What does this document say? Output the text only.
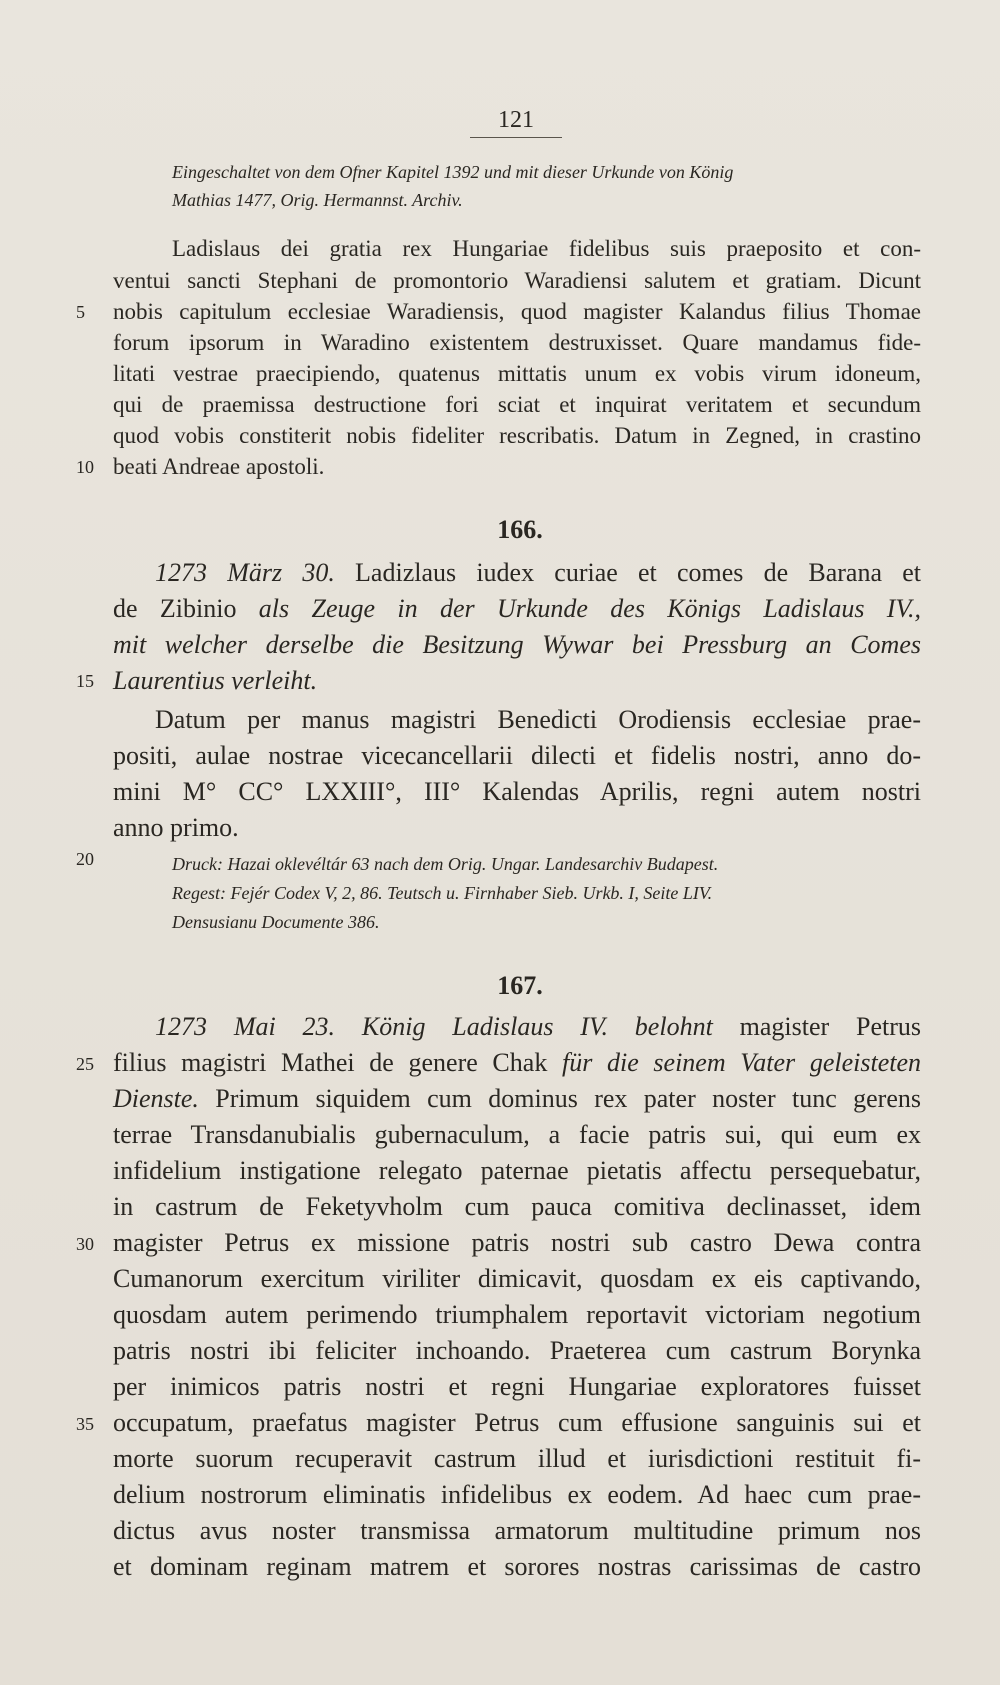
121
Eingeschaltet von dem Ofner Kapitel 1392 und mit dieser Urkunde von König
Mathias 1477, Orig. Hermannst. Archiv.
Ladislaus dei gratia rex Hungariae fidelibus suis praeposito et con-
ventui sancti Stephani de promontorio Waradiensi salutem et gratiam. Dicunt
nobis capitulum ecclesiae Waradiensis, quod magister Kalandus filius Thomae
forum ipsorum in Waradino existentem destruxisset. Quare mandamus fide-
litati vestrae praecipiendo, quatenus mittatis unum ex vobis virum idoneum,
qui de praemissa destructione fori sciat et inquirat veritatem et secundum
quod vobis constiterit nobis fideliter rescribatis. Datum in Zegned, in crastino
beati Andreae apostoli.
166.
1273 März 30. Ladizlaus iudex curiae et comes de Barana et
de Zibinio als Zeuge in der Urkunde des Königs Ladislaus IV.,
mit welcher derselbe die Besitzung Wywar bei Pressburg an Comes
Laurentius verleiht.
Datum per manus magistri Benedicti Orodiensis ecclesiae prae-
positi, aulae nostrae vicecancellarii dilecti et fidelis nostri, anno do-
mini M° CC° LXXIII°, III° Kalendas Aprilis, regni autem nostri
anno primo.
Druck: Hazai oklevéltár 63 nach dem Orig. Ungar. Landesarchiv Budapest.
Regest: Fejér Codex V, 2, 86. Teutsch u. Firnhaber Sieb. Urkb. I, Seite LIV.
Densusianu Documente 386.
167.
1273 Mai 23. König Ladislaus IV. belohnt magister Petrus
filius magistri Mathei de genere Chak für die seinem Vater geleisteten
Dienste. Primum siquidem cum dominus rex pater noster tunc gerens
terrae Transdanubialis gubernaculum, a facie patris sui, qui eum ex
infidelium instigatione relegato paternae pietatis affectu persequebatur,
in castrum de Feketyvholm cum pauca comitiva declinasset, idem
magister Petrus ex missione patris nostri sub castro Dewa contra
Cumanorum exercitum viriliter dimicavit, quosdam ex eis captivando,
quosdam autem perimendo triumphalem reportavit victoriam negotium
patris nostri ibi feliciter inchoando. Praeterea cum castrum Borynka
per inimicos patris nostri et regni Hungariae exploratores fuisset
occupatum, praefatus magister Petrus cum effusione sanguinis sui et
morte suorum recuperavit castrum illud et iurisdictioni restituit fi-
delium nostrorum eliminatis infidelibus ex eodem. Ad haec cum prae-
dictus avus noster transmissa armatorum multitudine primum nos
et dominam reginam matrem et sorores nostras carissimas de castro
5
10
15
20
25
30
35
